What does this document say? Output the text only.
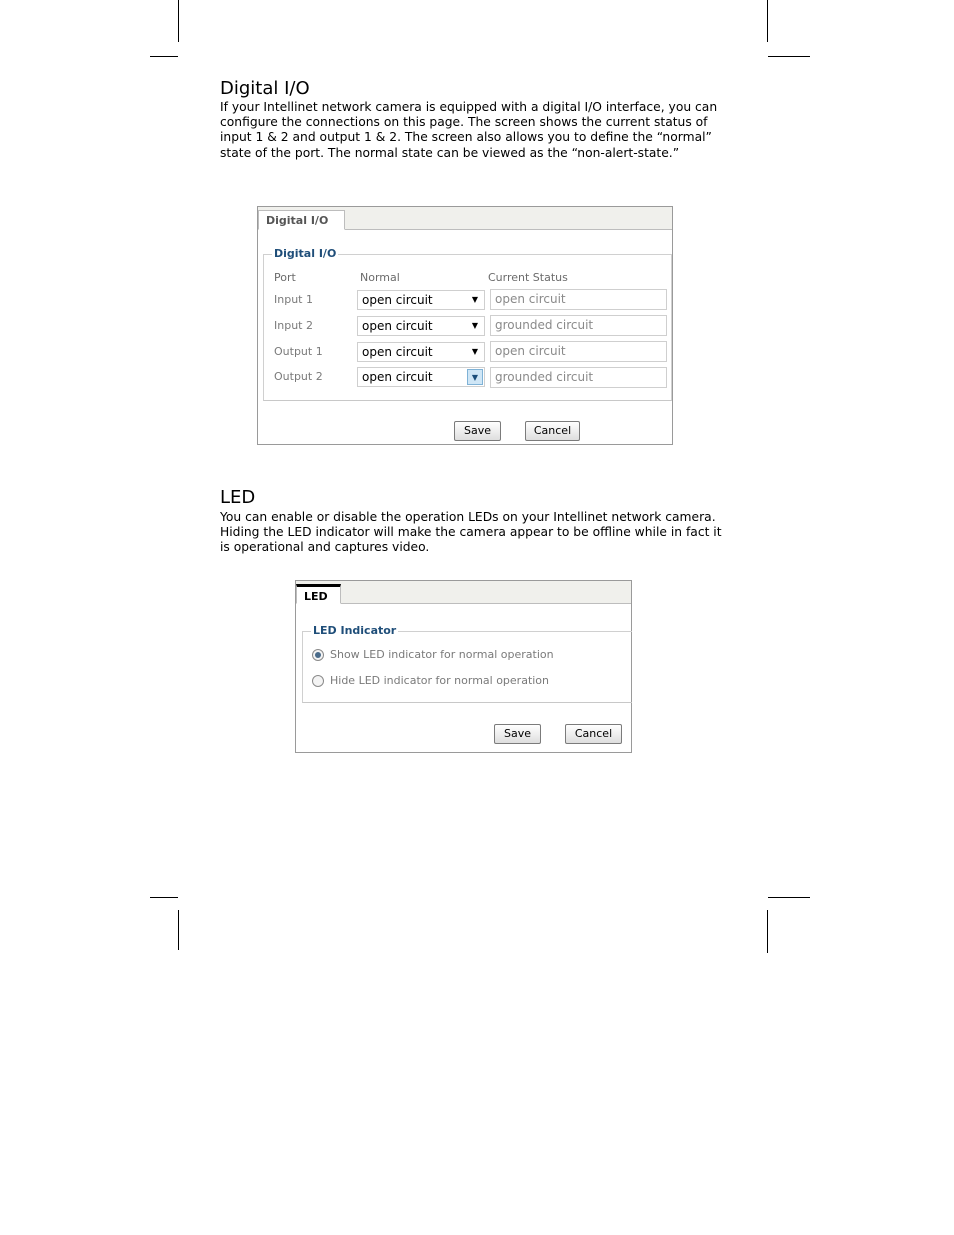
Digital I/O

If your Intellinet network camera is equipped with a digital I/O interface, you can configure the connections on this page. The screen shows the current status of input 1 & 2 and output 1 & 2. The screen also allows you to define the “normal” state of the port. The normal state can be viewed as the “non-alert-state.”

Digital I/O
Digital I/O
Port	Normal	Current Status
Input 1	open circuit	▼	open circuit
Input 2	open circuit	▼	grounded circuit
Output 1	open circuit	▼	open circuit
Output 2	open circuit	▼	grounded circuit
Save	Cancel
LED

You can enable or disable the operation LEDs on your Intellinet network camera. Hiding the LED indicator will make the camera appear to be offline while in fact it is operational and captures video.

LED
LED Indicator
Show LED indicator for normal operation
Hide LED indicator for normal operation
Save	Cancel
